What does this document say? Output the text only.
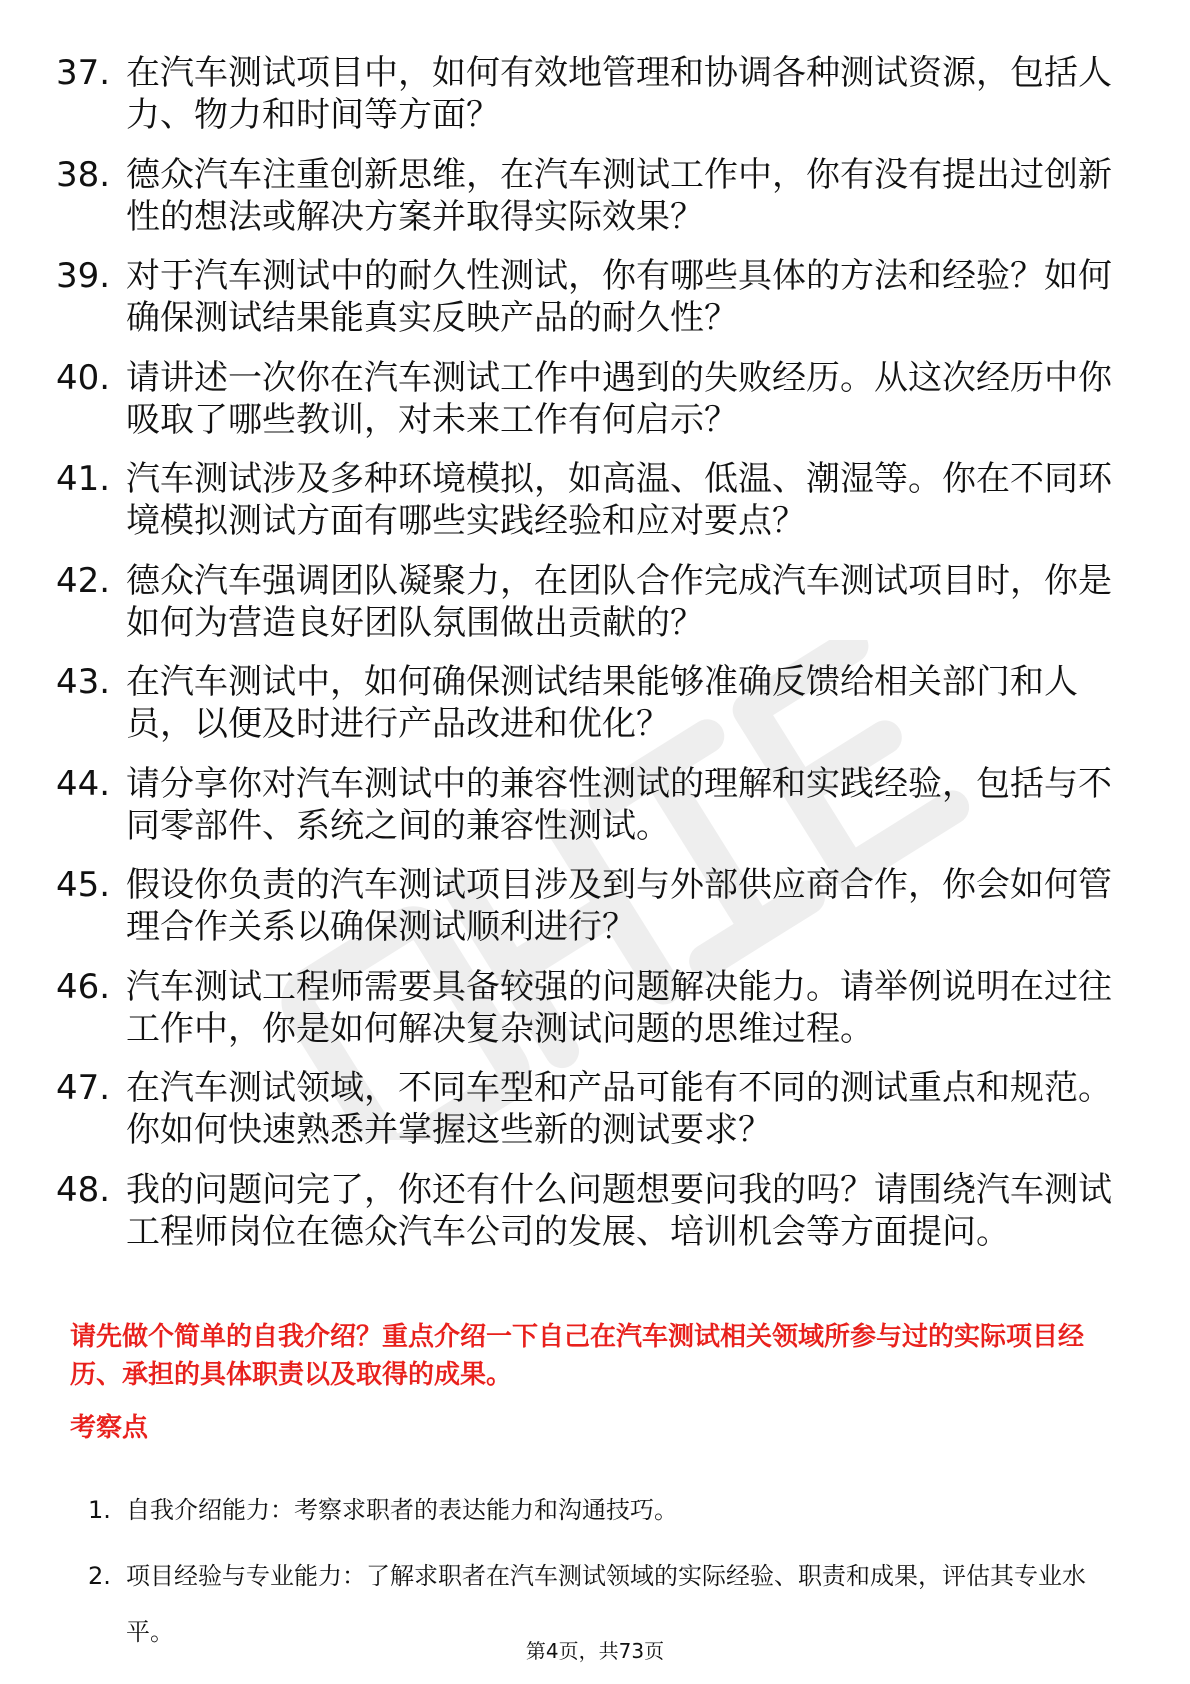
37. 在汽车测试项目中，如何有效地管理和协调各种测试资源，包括人力、物力和时间等方面？
38. 德众汽车注重创新思维，在汽车测试工作中，你有没有提出过创新性的想法或解决方案并取得实际效果？
39. 对于汽车测试中的耐久性测试，你有哪些具体的方法和经验？如何确保测试结果能真实反映产品的耐久性？
40. 请讲述一次你在汽车测试工作中遇到的失败经历。从这次经历中你吸取了哪些教训，对未来工作有何启示？
41. 汽车测试涉及多种环境模拟，如高温、低温、潮湿等。你在不同环境模拟测试方面有哪些实践经验和应对要点？
42. 德众汽车强调团队凝聚力，在团队合作完成汽车测试项目时，你是如何为营造良好团队氛围做出贡献的？
43. 在汽车测试中，如何确保测试结果能够准确反馈给相关部门和人员，以便及时进行产品改进和优化？
44. 请分享你对汽车测试中的兼容性测试的理解和实践经验，包括与不同零部件、系统之间的兼容性测试。
45. 假设你负责的汽车测试项目涉及到与外部供应商合作，你会如何管理合作关系以确保测试顺利进行？
46. 汽车测试工程师需要具备较强的问题解决能力。请举例说明在过往工作中，你是如何解决复杂测试问题的思维过程。
47. 在汽车测试领域，不同车型和产品可能有不同的测试重点和规范。你如何快速熟悉并掌握这些新的测试要求？
48. 我的问题问完了，你还有什么问题想要问我的吗？请围绕汽车测试工程师岗位在德众汽车公司的发展、培训机会等方面提问。

请先做个简单的自我介绍？重点介绍一下自己在汽车测试相关领域所参与过的实际项目经历、承担的具体职责以及取得的成果。

考察点
1. 自我介绍能力：考察求职者的表达能力和沟通技巧。
2. 项目经验与专业能力：了解求职者在汽车测试领域的实际经验、职责和成果，评估其专业水平。
第4页，共73页
